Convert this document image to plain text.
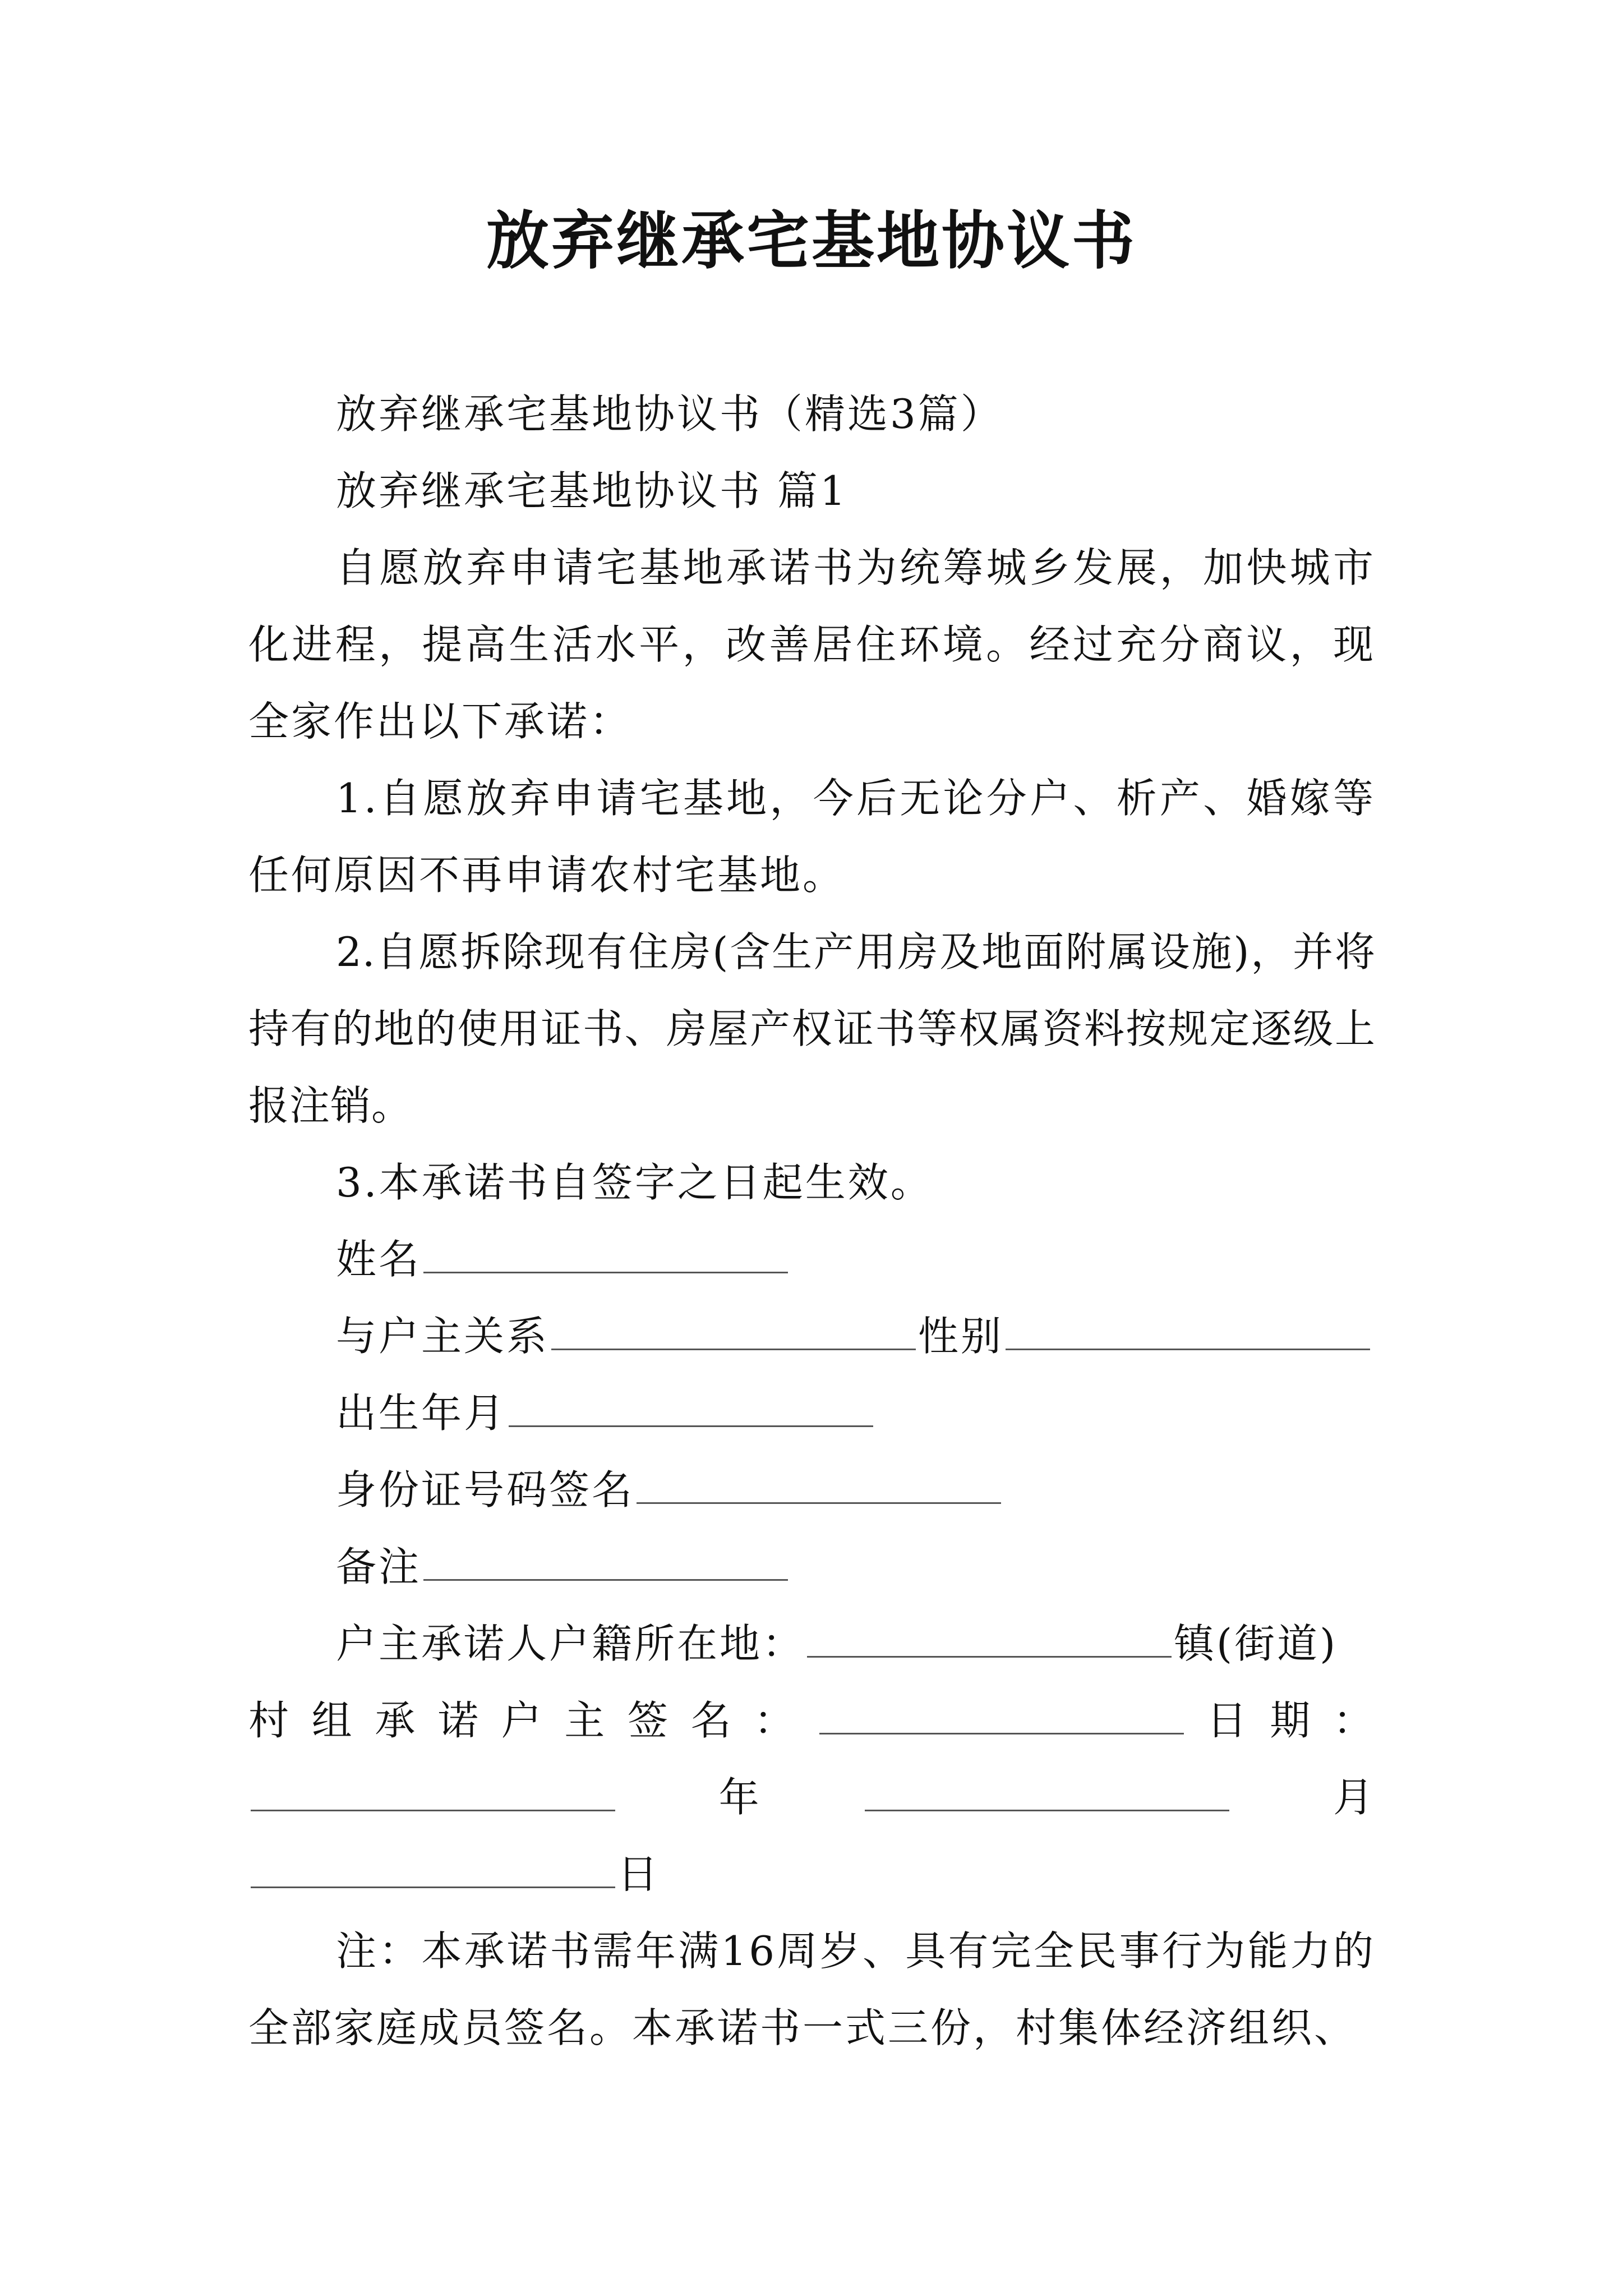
放弃继承宅基地协议书
放弃继承宅基地协议书（精选3篇）
放弃继承宅基地协议书 篇1

自愿放弃申请宅基地承诺书为统筹城乡发展，加快城市化进程，提高生活水平，改善居住环境。经过充分商议，现全家作出以下承诺：

1.自愿放弃申请宅基地，今后无论分户、析产、婚嫁等任何原因不再申请农村宅基地。

2.自愿拆除现有住房(含生产用房及地面附属设施)，并将持有的地的使用证书、房屋产权证书等权属资料按规定逐级上报注销。

3.本承诺书自签字之日起生效。
姓名
与户主关系	性别
出生年月
身份证号码签名
备注
户主承诺人户籍所在地：	镇(街道)
村 组 承 诺 户 主 签 名 ：	日 期 ：
年	月
日

注：本承诺书需年满16周岁、具有完全民事行为能力的全部家庭成员签名。本承诺书一式三份，村集体经济组织、
